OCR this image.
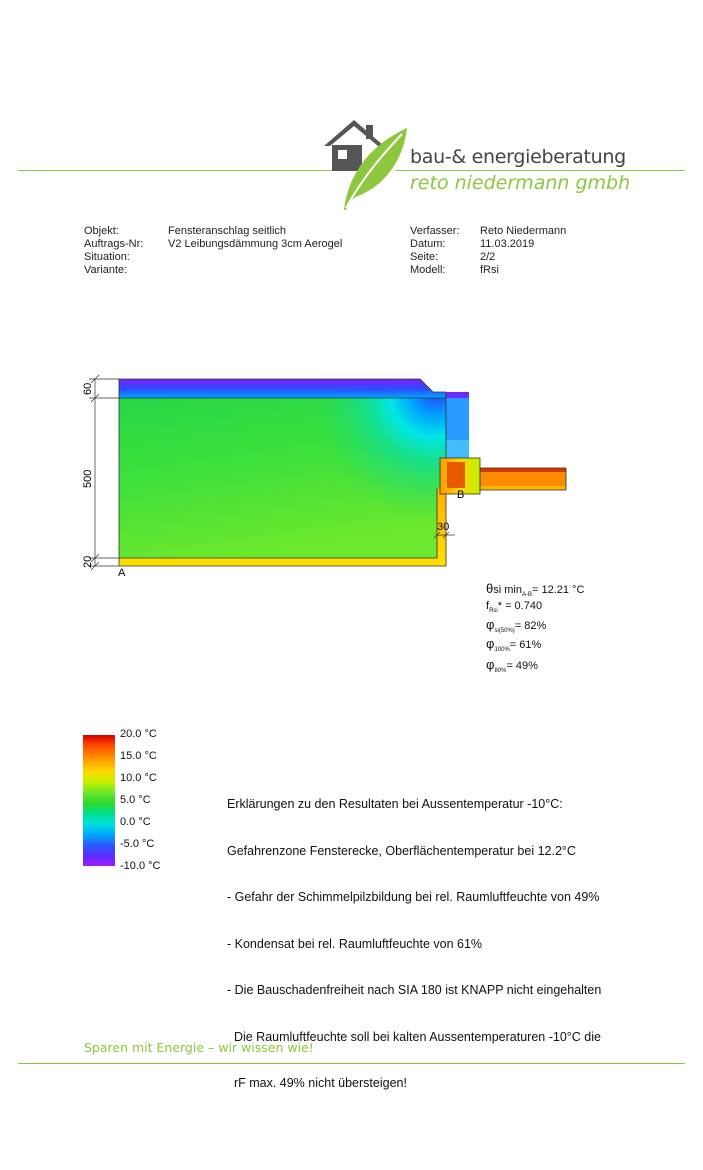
bau-& energieberatung
reto niedermann gmbh
Objekt:
Auftrags-Nr:
Situation:
Variante:
Fensteranschlag seitlich
V2 Leibungsdämmung 3cm Aerogel
Verfasser:
Datum:
Seite:
Modell:
Reto Niedermann
11.03.2019
2/2
fRsi
60
500
20
30
A
B
θsi $\min_{A-B}= 12.21$ °C
$f_{Rsi}* = 0.740$
$\varphi_{si(50\%)}= 82\%$
$\varphi_{100\%}= 61\%$
$\varphi_{80\%}= 49\%$
20.0 °C
15.0 °C
10.0 °C
5.0 °C
0.0 °C
-5.0 °C
-10.0 °C

Erklärungen zu den Resultaten bei Aussentemperatur -10°C:

Gefahrenzone Fensterecke, Oberflächentemperatur bei 12.2°C

- Gefahr der Schimmelpilzbildung bei rel. Raumluftfeuchte von 49%

- Kondensat bei rel. Raumluftfeuchte von 61%

- Die Bauschadenfreiheit nach SIA 180 ist KNAPP nicht eingehalten

Die Raumluftfeuchte soll bei kalten Aussentemperaturen -10°C die

rF max. 49% nicht übersteigen!

Sparen mit Energie – wir wissen wie!
